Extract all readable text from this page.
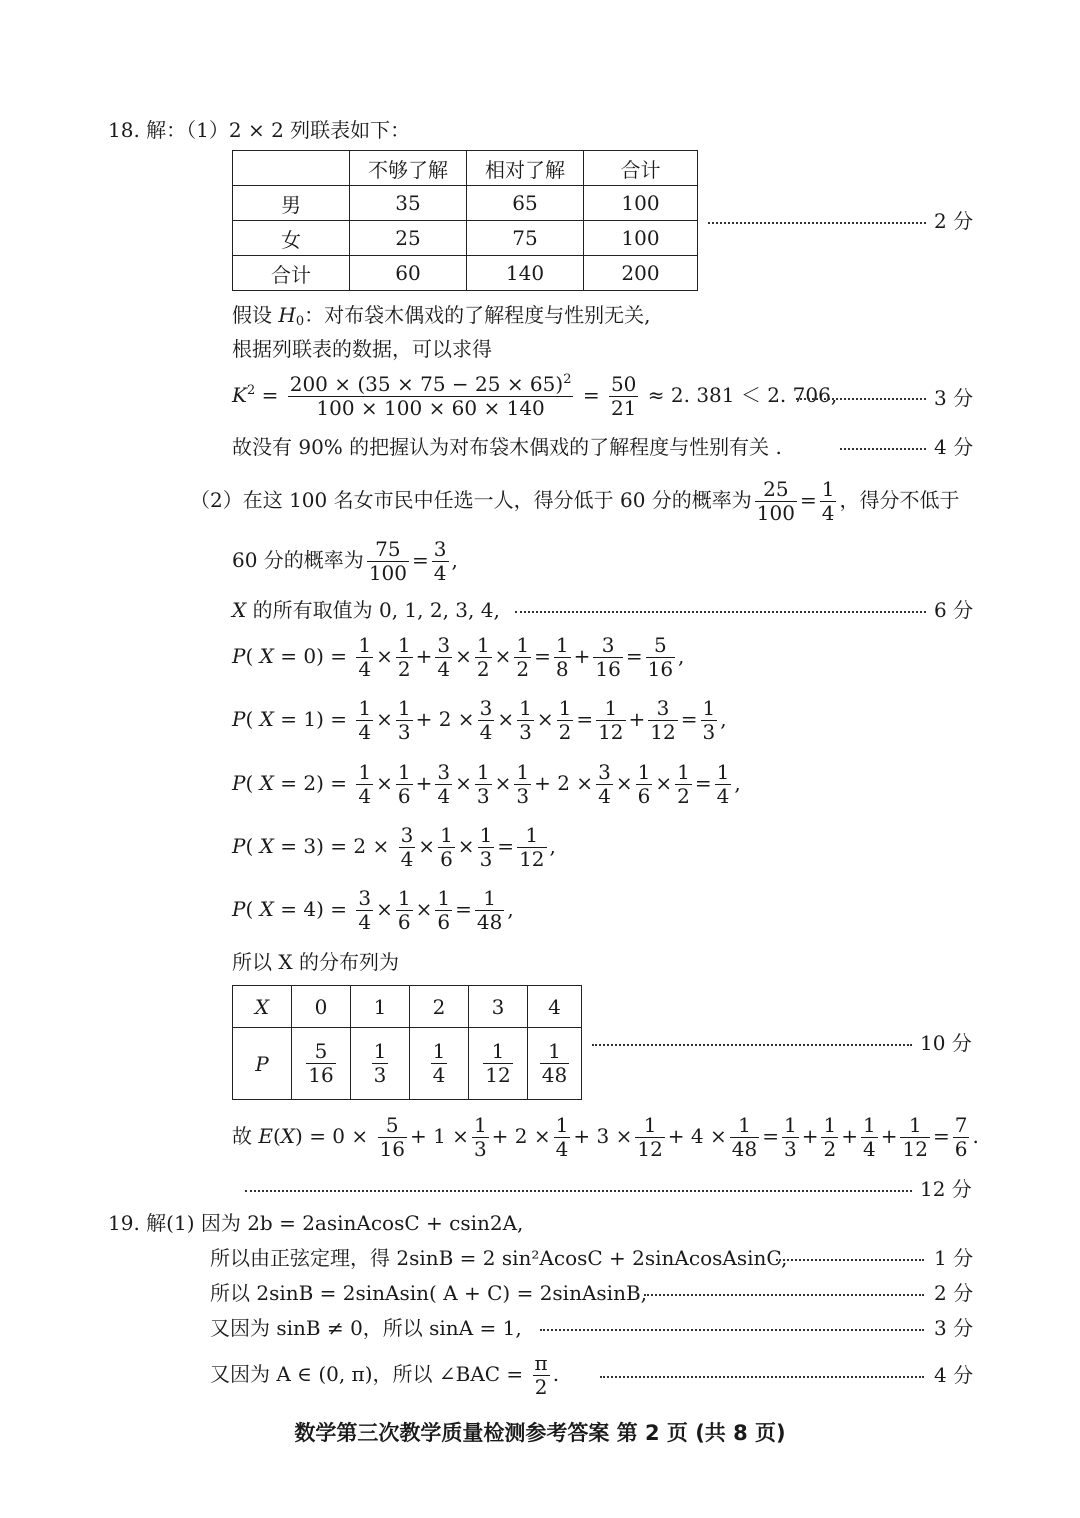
18. 解：（1）2 × 2 列联表如下：
	不够了解	相对了解	合计
男	35	65	100
女	25	75	100
合计	60	140	200
2 分
假设 $H_0$：对布袋木偶戏的了解程度与性别无关,
根据列联表的数据，可以求得
$K^2 = \frac{200 \times (35 \times 75 - 25 \times 65)^2}{100 \times 100 \times 60 \times 140} = \frac{50}{21} \approx 2$. 381 ＜ 2. 706,	3 分
故没有 90% 的把握认为对布袋木偶戏的了解程度与性别有关 .	4 分
（2）在这 100 名女市民中任选一人，得分低于 60 分的概率为 $\frac{25}{100} = \frac{1}{4}$ ，得分不低于
60 分的概率为 $\frac{75}{100} = \frac{3}{4}$ ,
X 的所有取值为 0, 1, 2, 3, 4,	6 分
P( $X = 0) = \frac{1}{4} \times \frac{1}{2} + \frac{3}{4} \times \frac{1}{2} \times \frac{1}{2} = \frac{1}{8} + \frac{3}{16} = \frac{5}{16}$ ,
P( $X = 1) = \frac{1}{4} \times \frac{1}{3} + 2 \times \frac{3}{4} \times \frac{1}{3} \times \frac{1}{2} = \frac{1}{12} + \frac{3}{12} = \frac{1}{3}$ ,
P( $X = 2) = \frac{1}{4} \times \frac{1}{6} + \frac{3}{4} \times \frac{1}{3} \times \frac{1}{3} + 2 \times \frac{3}{4} \times \frac{1}{6} \times \frac{1}{2} = \frac{1}{4}$ ,
P( $X = 3) = 2 \times \frac{3}{4} \times \frac{1}{6} \times \frac{1}{3} = \frac{1}{12}$ ,
P( $X = 4) = \frac{3}{4} \times \frac{1}{6} \times \frac{1}{6} = \frac{1}{48}$ ,
所以 X 的分布列为
X	0	1	2	3	4
P	$\frac{5}{16}$	$\frac{1}{3}$	$\frac{1}{4}$	$\frac{1}{12}$	$\frac{1}{48}$	10 分
故 $E(X) = 0 \times \frac{5}{16} + 1 \times \frac{1}{3} + 2 \times \frac{1}{4} + 3 \times \frac{1}{12} + 4 \times \frac{1}{48} = \frac{1}{3} + \frac{1}{2} + \frac{1}{4} + \frac{1}{12} = \frac{7}{6}$ .
12 分
19. 解(1) 因为 2b = 2asinAcosC + csin2A,
所以由正弦定理，得 2sinB = 2 sin²AcosC + 2sinAcosAsinC,	1 分
所以 2sinB = 2sinAsin( A + C) = 2sinAsinB,	2 分
又因为 sinB ≠ 0，所以 sinA = 1,	3 分
又因为 A ∈ (0, π)，所以 ∠BAC = $\frac{\pi}{2}$ .	4 分
数学第三次教学质量检测参考答案 第 2 页 (共 8 页)
